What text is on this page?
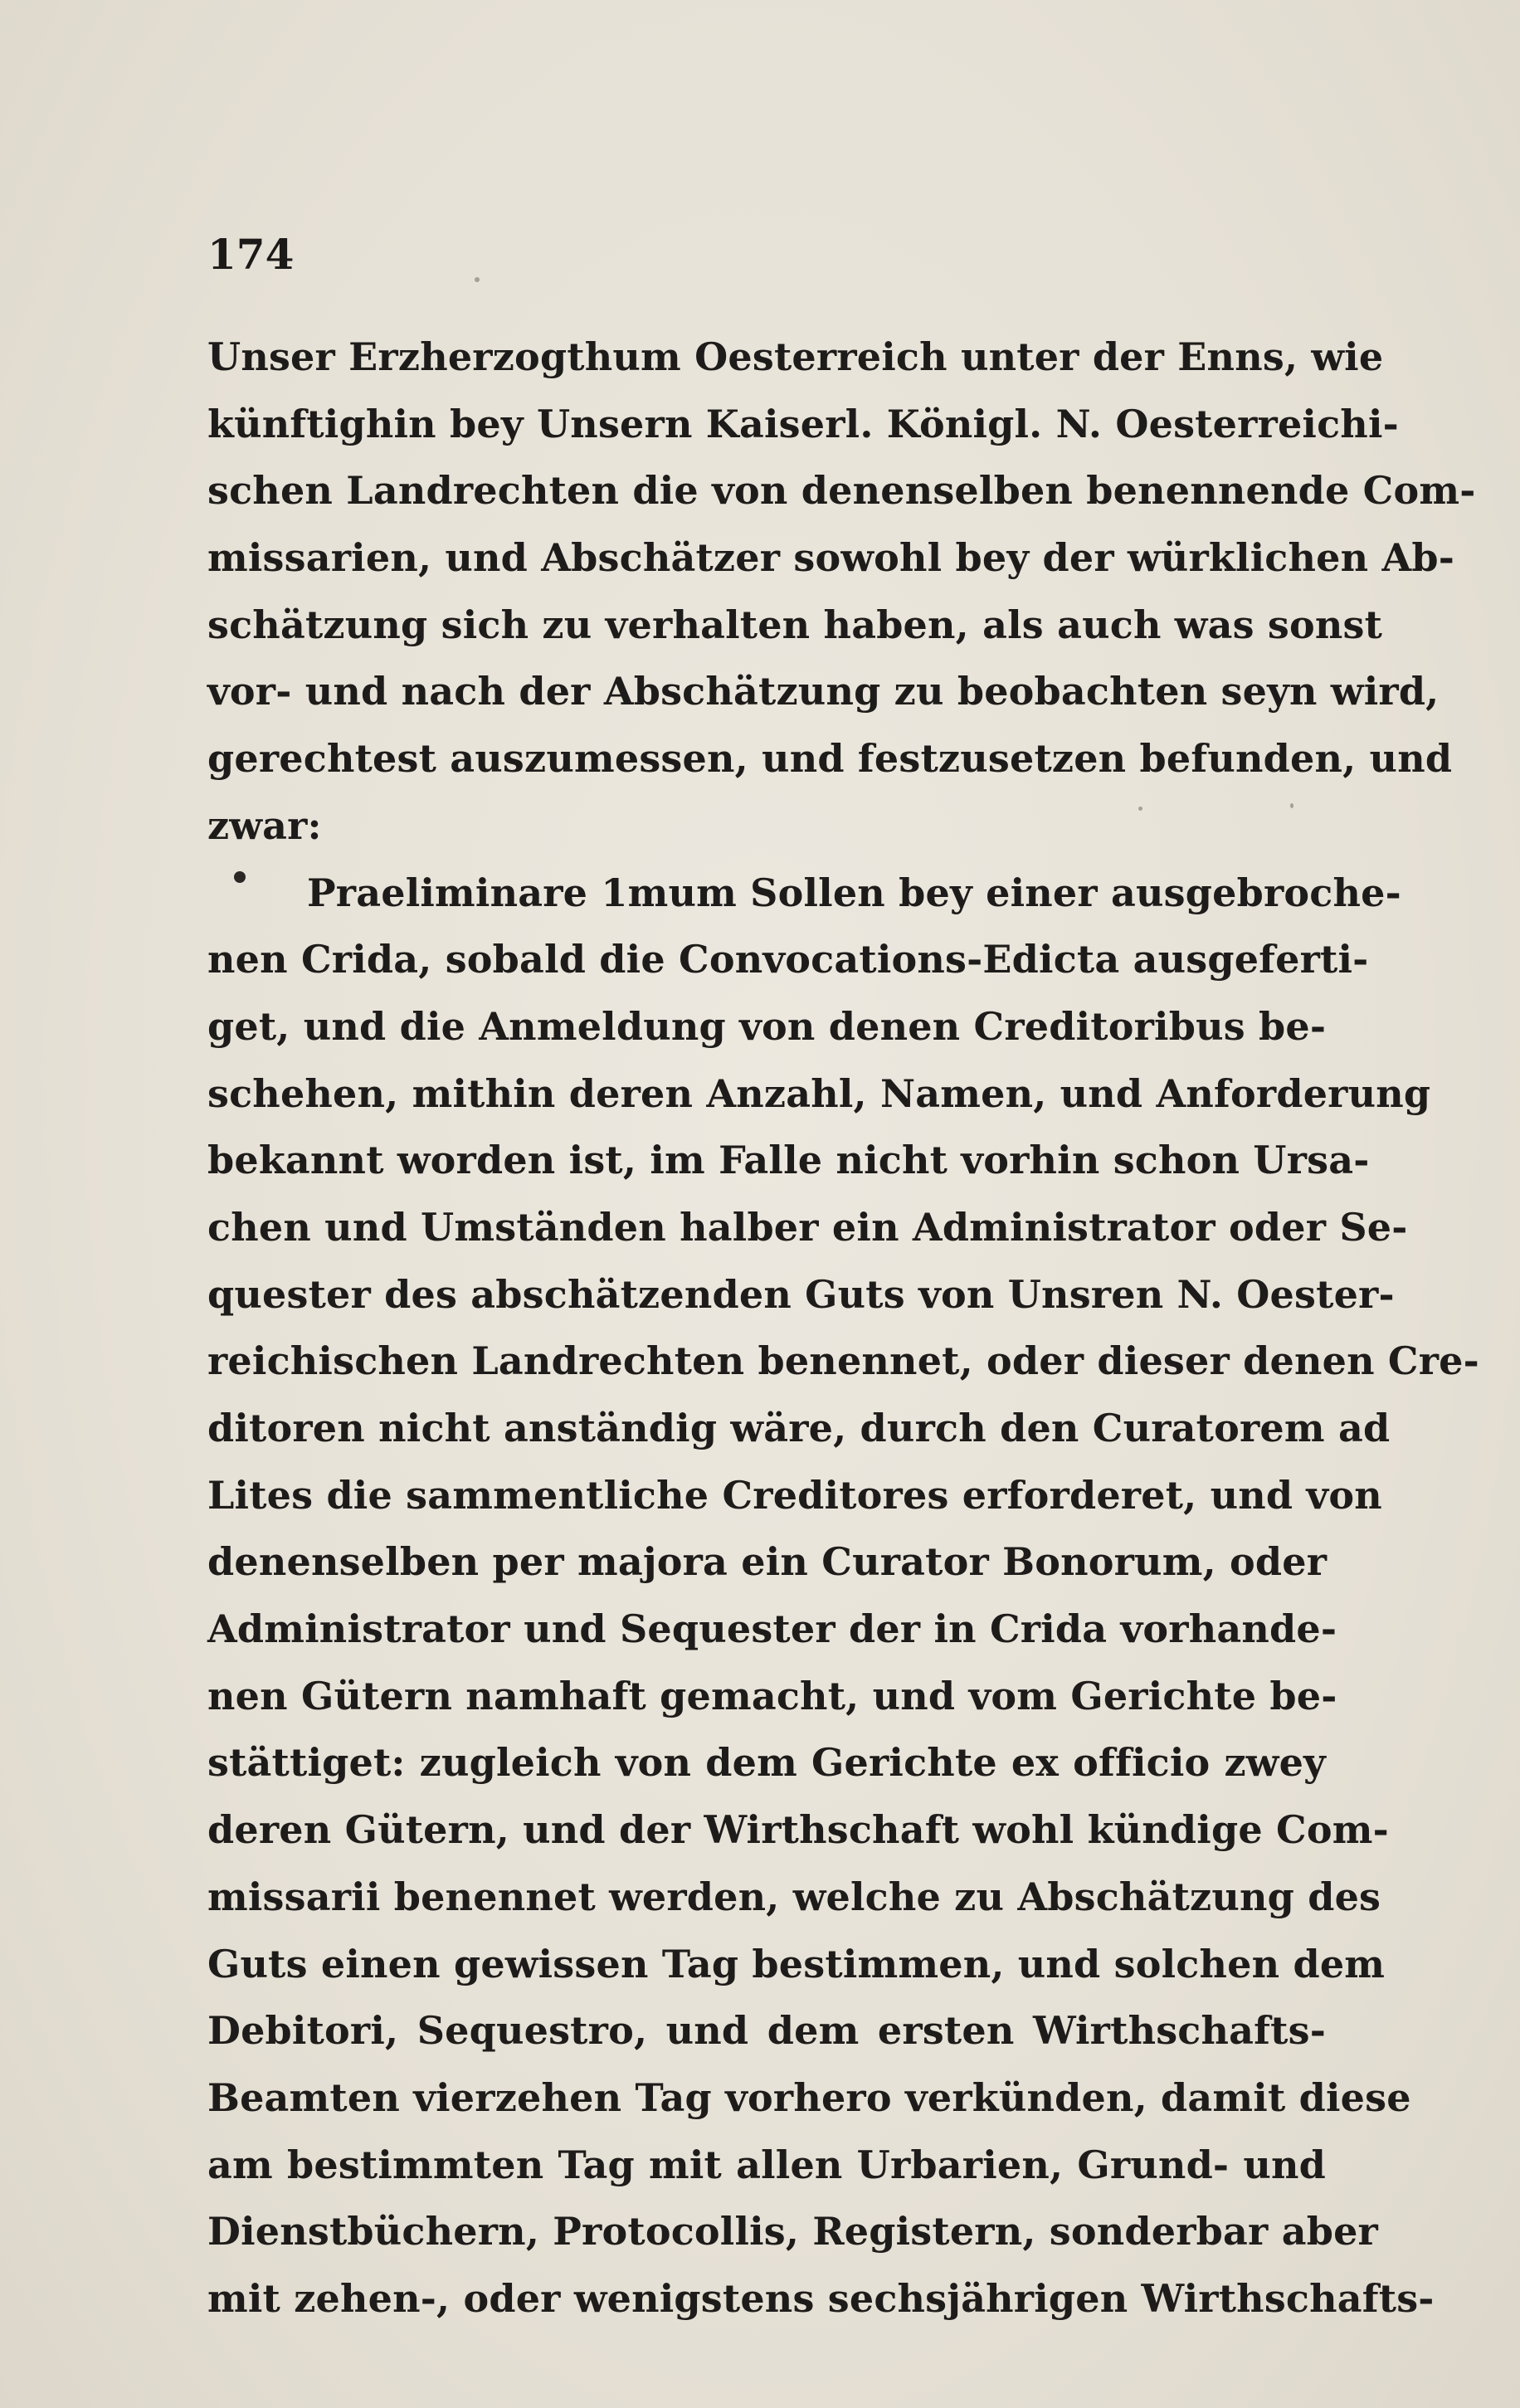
174
Unser Erzherzogthum Oesterreich unter der Enns, wie
künftighin bey Unsern Kaiserl. Königl. N. Oesterreichi-
schen Landrechten die von denenselben benennende Com-
missarien, und Abschätzer sowohl bey der würklichen Ab-
schätzung sich zu verhalten haben, als auch was sonst
vor- und nach der Abschätzung zu beobachten seyn wird,
gerechtest auszumessen, und festzusetzen befunden, und
zwar:
Praeliminare 1mum Sollen bey einer ausgebroche-
nen Crida, sobald die Convocations-Edicta ausgeferti-
get, und die Anmeldung von denen Creditoribus be-
schehen, mithin deren Anzahl, Namen, und Anforderung
bekannt worden ist, im Falle nicht vorhin schon Ursa-
chen und Umständen halber ein Administrator oder Se-
quester des abschätzenden Guts von Unsren N. Oester-
reichischen Landrechten benennet, oder dieser denen Cre-
ditoren nicht anständig wäre, durch den Curatorem ad
Lites die sammentliche Creditores erforderet, und von
denenselben per majora ein Curator Bonorum, oder
Administrator und Sequester der in Crida vorhande-
nen Gütern namhaft gemacht, und vom Gerichte be-
stättiget: zugleich von dem Gerichte ex officio zwey
deren Gütern, und der Wirthschaft wohl kündige Com-
missarii benennet werden, welche zu Abschätzung des
Guts einen gewissen Tag bestimmen, und solchen dem
Debitori, Sequestro, und dem ersten Wirthschafts-
Beamten vierzehen Tag vorhero verkünden, damit diese
am bestimmten Tag mit allen Urbarien, Grund- und
Dienstbüchern, Protocollis, Registern, sonderbar aber
mit zehen-, oder wenigstens sechsjährigen Wirthschafts-
